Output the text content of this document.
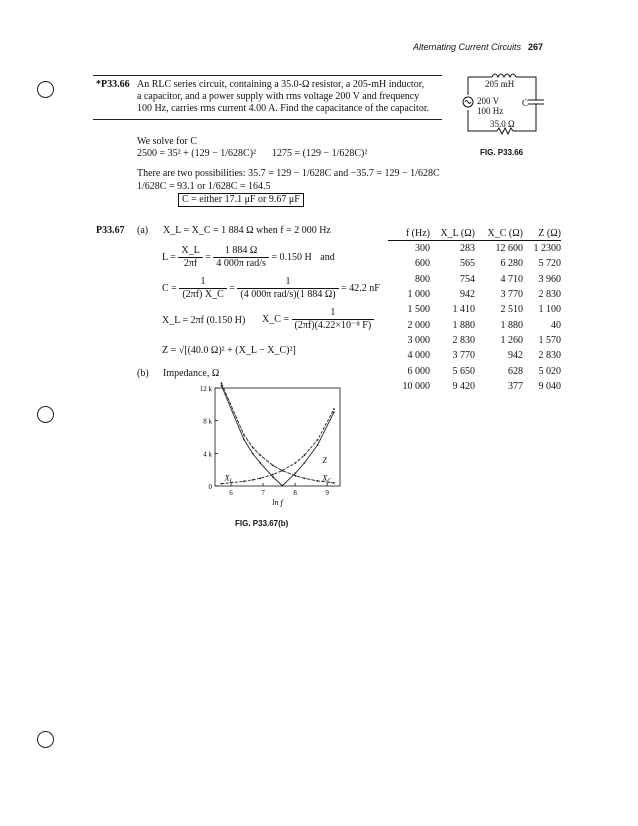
Alternating Current Circuits 267
*P33.66 An RLC series circuit, containing a 35.0-Ω resistor, a 205-mH inductor,
a capacitor, and a power supply with rms voltage 200 V and frequency
100 Hz, carries rms current 4.00 A. Find the capacitance of the capacitor.
205 mH
200 V
100 Hz
C
35.0 Ω
We solve for C
2500 = 35² + (129 − 1/628C)² 1275 = (129 − 1/628C)²	FIG. P33.66
There are two possibilities: 35.7 = 129 − 1/628C and −35.7 = 129 − 1/628C
1/628C = 93.1 or 1/628C = 164.5
C = either 17.1 μF or 9.67 μF
P33.67 (a) X_L = X_C = 1 884 Ω when f = 2 000 Hz
$L = \frac{X\_L}{2\pi f} = \frac{1 884 \Omega}{\text{4 000π rad/s}} = 0.150$ H and
$C = \frac{1}{(2\pi f) X\_C} = \frac{1}{\text{(4 000π rad/s)(1 884 Ω)}} = 42.2$ nF
X_L = 2πf (0.150 H) X_C = $\frac{1}{\text{(2πf)(4.22×10⁻⁸ F)}}$
Z = √[(40.0 Ω)² + (X_L − X_C)²]
(b) Impedance, Ω
0
4 k
8 k
12 k
6	7	8	9
ln f
$X_L$	$X_C$
Z
FIG. P33.67(b)
f (Hz)	X_L (Ω)	X_C (Ω)	Z (Ω)
300	283	12 600	1 2300
600	565	6 280	5 720
800	754	4 710	3 960
1 000	942	3 770	2 830
1 500	1 410	2 510	1 100
2 000	1 880	1 880	40
3 000	2 830	1 260	1 570
4 000	3 770	942	2 830
6 000	5 650	628	5 020
10 000	9 420	377	9 040
